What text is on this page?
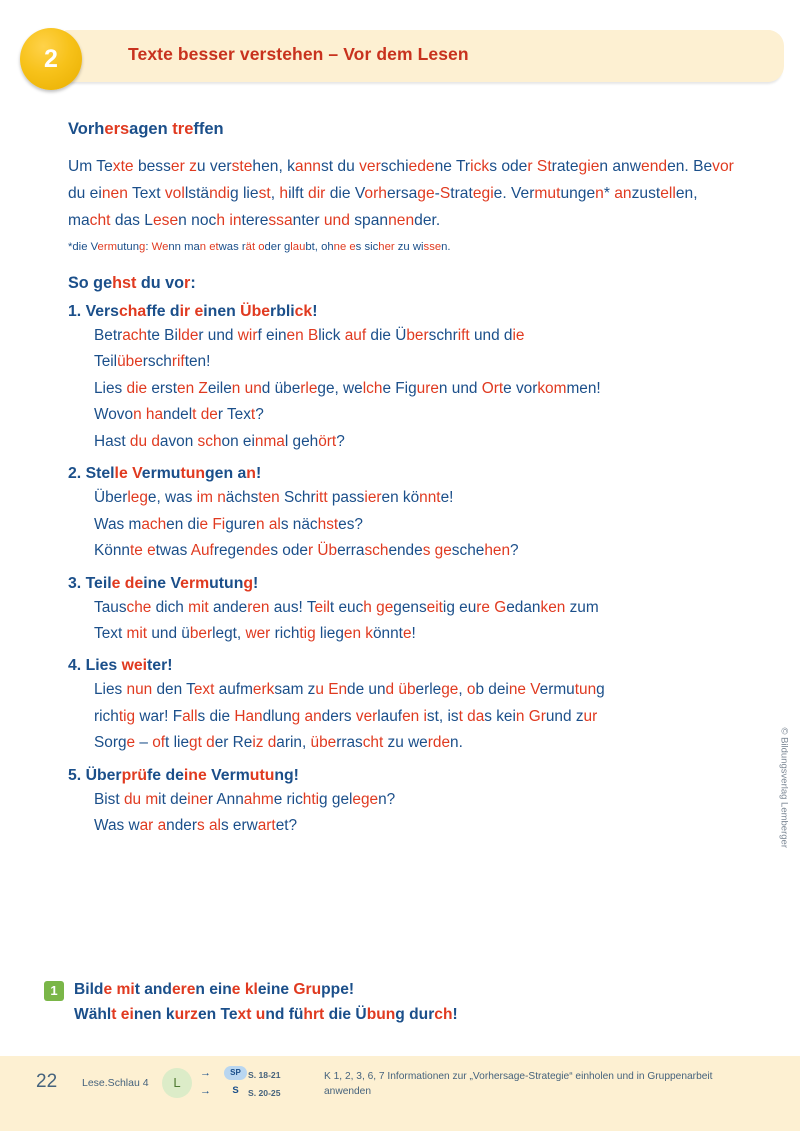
Texte besser verstehen – Vor dem Lesen
2
Vorhersagen treffen
Um Texte besser zu verstehen, kannst du verschiedene Tricks oder Strategien anwenden. Bevor du einen Text vollständig liest, hilft dir die Vorhersage-Strategie. Vermutungen* anzustellen, macht das Lesen noch interessanter und spannender.
*die Vermutung: Wenn man etwas rät oder glaubt, ohne es sicher zu wissen.
So gehst du vor:
1. Verschaffe dir einen Überblick!
Betrachte Bilder und wirf einen Blick auf die Überschrift und die
Teilüberschriften!
Lies die ersten Zeilen und überlege, welche Figuren und Orte vorkommen!
Wovon handelt der Text?
Hast du davon schon einmal gehört?
2. Stelle Vermutungen an!
Überlege, was im nächsten Schritt passieren könnte!
Was machen die Figuren als nächstes?
Könnte etwas Aufregendes oder Überraschendes geschehen?
3. Teile deine Vermutung!
Tausche dich mit anderen aus! Teilt euch gegenseitig eure Gedanken zum
Text mit und überlegt, wer richtig liegen könnte!
4. Lies weiter!
Lies nun den Text aufmerksam zu Ende und überlege, ob deine Vermutung
richtig war! Falls die Handlung anders verlaufen ist, ist das kein Grund zur
Sorge – oft liegt der Reiz darin, überrascht zu werden.
5. Überprüfe deine Vermutung!
Bist du mit deiner Annahme richtig gelegen?
Was war anders als erwartet?
1	Bilde mit anderen eine kleine Gruppe!
Wählt einen kurzen Text und führt die Übung durch!
© Bildungsverlag Lemberger
22 Lese.Schlau 4	L
→	SP S. 18-21
→	S	S. 20-25
K 1, 2, 3, 6, 7 Informationen zur „Vorhersage-Strategie“ einholen und in Gruppenarbeit anwenden
